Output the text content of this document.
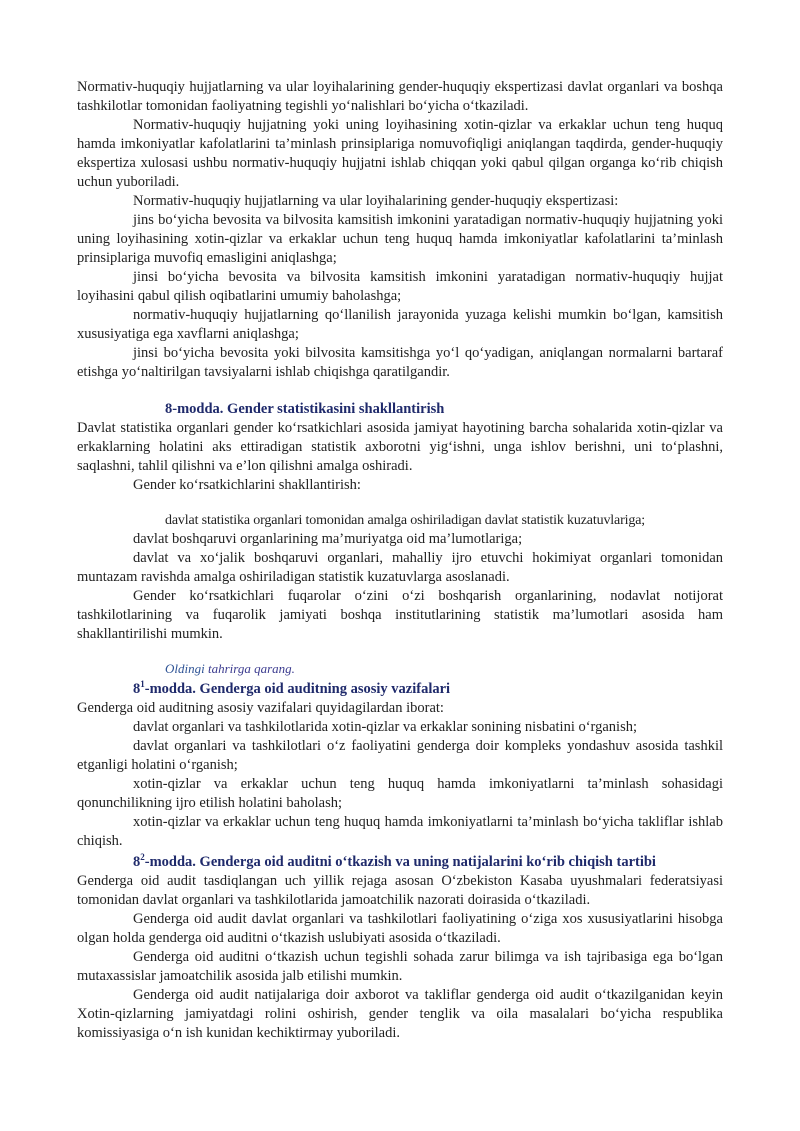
Normativ-huquqiy hujjatlarning va ular loyihalarining gender-huquqiy ekspertizasi davlat organlari va boshqa tashkilotlar tomonidan faoliyatning tegishli yo‘nalishlari bo‘yicha o‘tkaziladi.

Normativ-huquqiy hujjatning yoki uning loyihasining xotin-qizlar va erkaklar uchun teng huquq hamda imkoniyatlar kafolatlarini ta’minlash prinsiplariga nomuvofiqligi aniqlangan taqdirda, gender-huquqiy ekspertiza xulosasi ushbu normativ-huquqiy hujjatni ishlab chiqqan yoki qabul qilgan organga ko‘rib chiqish uchun yuboriladi.

Normativ-huquqiy hujjatlarning va ular loyihalarining gender-huquqiy ekspertizasi:

jins bo‘yicha bevosita va bilvosita kamsitish imkonini yaratadigan normativ-huquqiy hujjatning yoki uning loyihasining xotin-qizlar va erkaklar uchun teng huquq hamda imkoniyatlar kafolatlarini ta’minlash prinsiplariga muvofiq emasligini aniqlashga;

jinsi bo‘yicha bevosita va bilvosita kamsitish imkonini yaratadigan normativ-huquqiy hujjat loyihasini qabul qilish oqibatlarini umumiy baholashga;

normativ-huquqiy hujjatlarning qo‘llanilish jarayonida yuzaga kelishi mumkin bo‘lgan, kamsitish xususiyatiga ega xavflarni aniqlashga;

jinsi bo‘yicha bevosita yoki bilvosita kamsitishga yo‘l qo‘yadigan, aniqlangan normalarni bartaraf etishga yo‘naltirilgan tavsiyalarni ishlab chiqishga qaratilgandir.

8-modda. Gender statistikasini shakllantirish

Davlat statistika organlari gender ko‘rsatkichlari asosida jamiyat hayotining barcha sohalarida xotin-qizlar va erkaklarning holatini aks ettiradigan statistik axborotni yig‘ishni, unga ishlov berishni, uni to‘plashni, saqlashni, tahlil qilishni va e’lon qilishni amalga oshiradi.

Gender ko‘rsatkichlarini shakllantirish:

davlat statistika organlari tomonidan amalga oshiriladigan davlat statistik kuzatuvlariga;

davlat boshqaruvi organlarining ma’muriyatga oid ma’lumotlariga;

davlat va xo‘jalik boshqaruvi organlari, mahalliy ijro etuvchi hokimiyat organlari tomonidan muntazam ravishda amalga oshiriladigan statistik kuzatuvlarga asoslanadi.

Gender ko‘rsatkichlari fuqarolar o‘zini o‘zi boshqarish organlarining, nodavlat notijorat tashkilotlarining va fuqarolik jamiyati boshqa institutlarining statistik ma’lumotlari asosida ham shakllantirilishi mumkin.

Oldingi tahrirga qarang.

$8^1$-modda. Genderga oid auditning asosiy vazifalari

Genderga oid auditning asosiy vazifalari quyidagilardan iborat:

davlat organlari va tashkilotlarida xotin-qizlar va erkaklar sonining nisbatini o‘rganish;

davlat organlari va tashkilotlari o‘z faoliyatini genderga doir kompleks yondashuv asosida tashkil etganligi holatini o‘rganish;

xotin-qizlar va erkaklar uchun teng huquq hamda imkoniyatlarni ta’minlash sohasidagi qonunchilikning ijro etilish holatini baholash;

xotin-qizlar va erkaklar uchun teng huquq hamda imkoniyatlarni ta’minlash bo‘yicha takliflar ishlab chiqish.

$8^2$-modda. Genderga oid auditni o‘tkazish va uning natijalarini ko‘rib chiqish tartibi

Genderga oid audit tasdiqlangan uch yillik rejaga asosan O‘zbekiston Kasaba uyushmalari federatsiyasi tomonidan davlat organlari va tashkilotlarida jamoatchilik nazorati doirasida o‘tkaziladi.

Genderga oid audit davlat organlari va tashkilotlari faoliyatining o‘ziga xos xususiyatlarini hisobga olgan holda genderga oid auditni o‘tkazish uslubiyati asosida o‘tkaziladi.

Genderga oid auditni o‘tkazish uchun tegishli sohada zarur bilimga va ish tajribasiga ega bo‘lgan mutaxassislar jamoatchilik asosida jalb etilishi mumkin.

Genderga oid audit natijalariga doir axborot va takliflar genderga oid audit o‘tkazilganidan keyin Xotin-qizlarning jamiyatdagi rolini oshirish, gender tenglik va oila masalalari bo‘yicha respublika komissiyasiga o‘n ish kunidan kechiktirmay yuboriladi.
